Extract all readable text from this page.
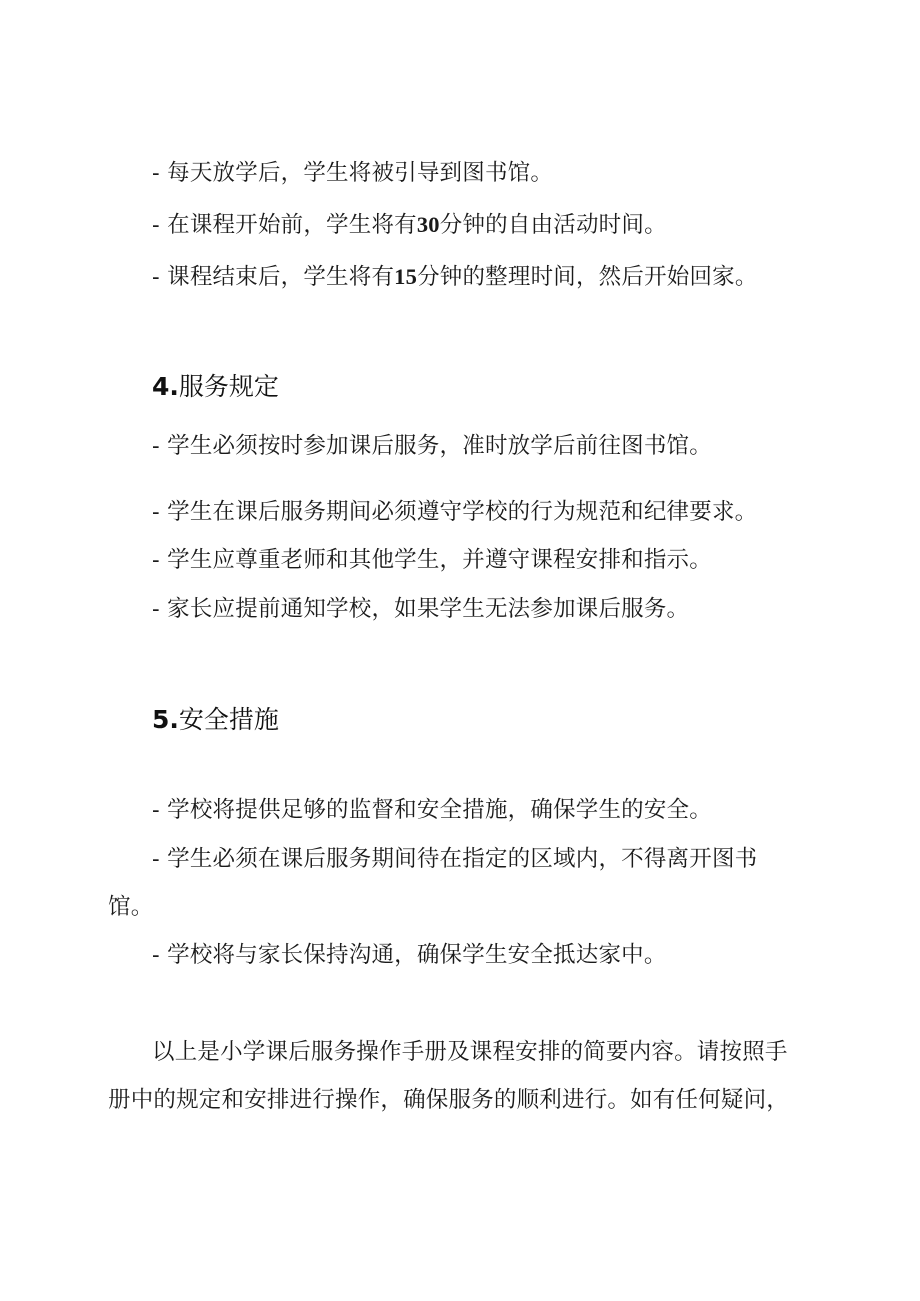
- 每天放学后，学生将被引导到图书馆。
- 在课程开始前，学生将有30分钟的自由活动时间。
- 课程结束后，学生将有15分钟的整理时间，然后开始回家。
4.服务规定
- 学生必须按时参加课后服务，准时放学后前往图书馆。
- 学生在课后服务期间必须遵守学校的行为规范和纪律要求。
- 学生应尊重老师和其他学生，并遵守课程安排和指示。
- 家长应提前通知学校，如果学生无法参加课后服务。
5.安全措施
- 学校将提供足够的监督和安全措施，确保学生的安全。
- 学生必须在课后服务期间待在指定的区域内，不得离开图书
馆。
- 学校将与家长保持沟通，确保学生安全抵达家中。
以上是小学课后服务操作手册及课程安排的简要内容。请按照手
册中的规定和安排进行操作，确保服务的顺利进行。如有任何疑问，
